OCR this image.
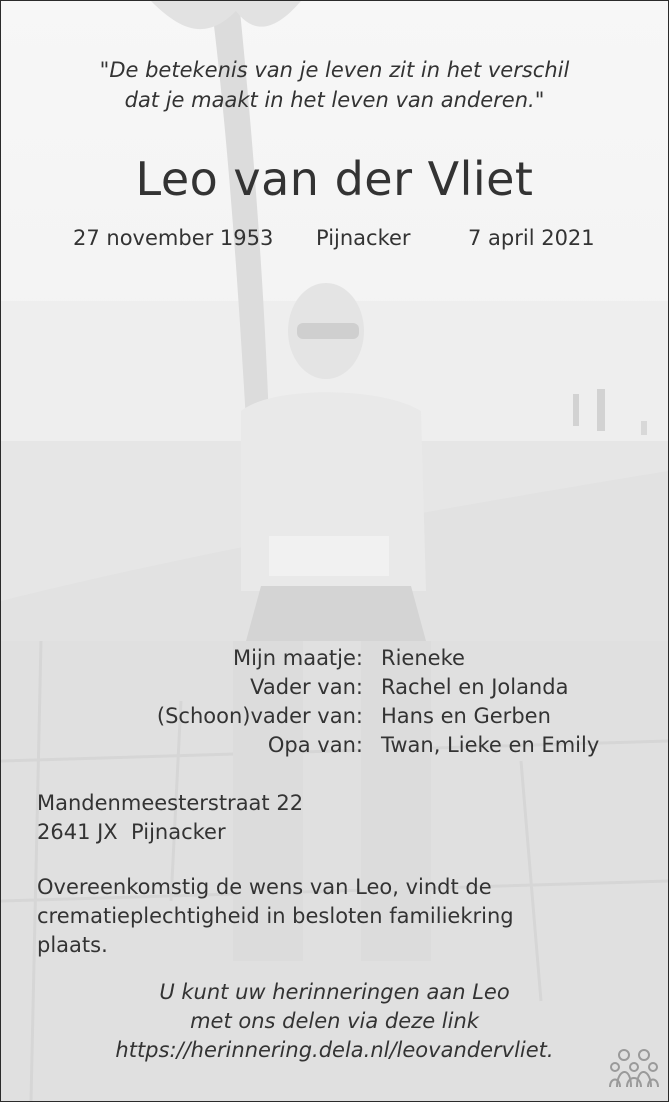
"De betekenis van je leven zit in het verschil
dat je maakt in het leven van anderen."
Leo van der Vliet
27 november 1953 Pijnacker	7 april 2021
Mijn maatje: Rieneke
Vader van: Rachel en Jolanda
(Schoon)vader van: Hans en Gerben
Opa van: Twan, Lieke en Emily
Mandenmeesterstraat 22
2641 JX  Pijnacker
Overeenkomstig de wens van Leo, vindt de
crematieplechtigheid in besloten familiekring
plaats.
U kunt uw herinneringen aan Leo
met ons delen via deze link
https://herinnering.dela.nl/leovandervliet.
